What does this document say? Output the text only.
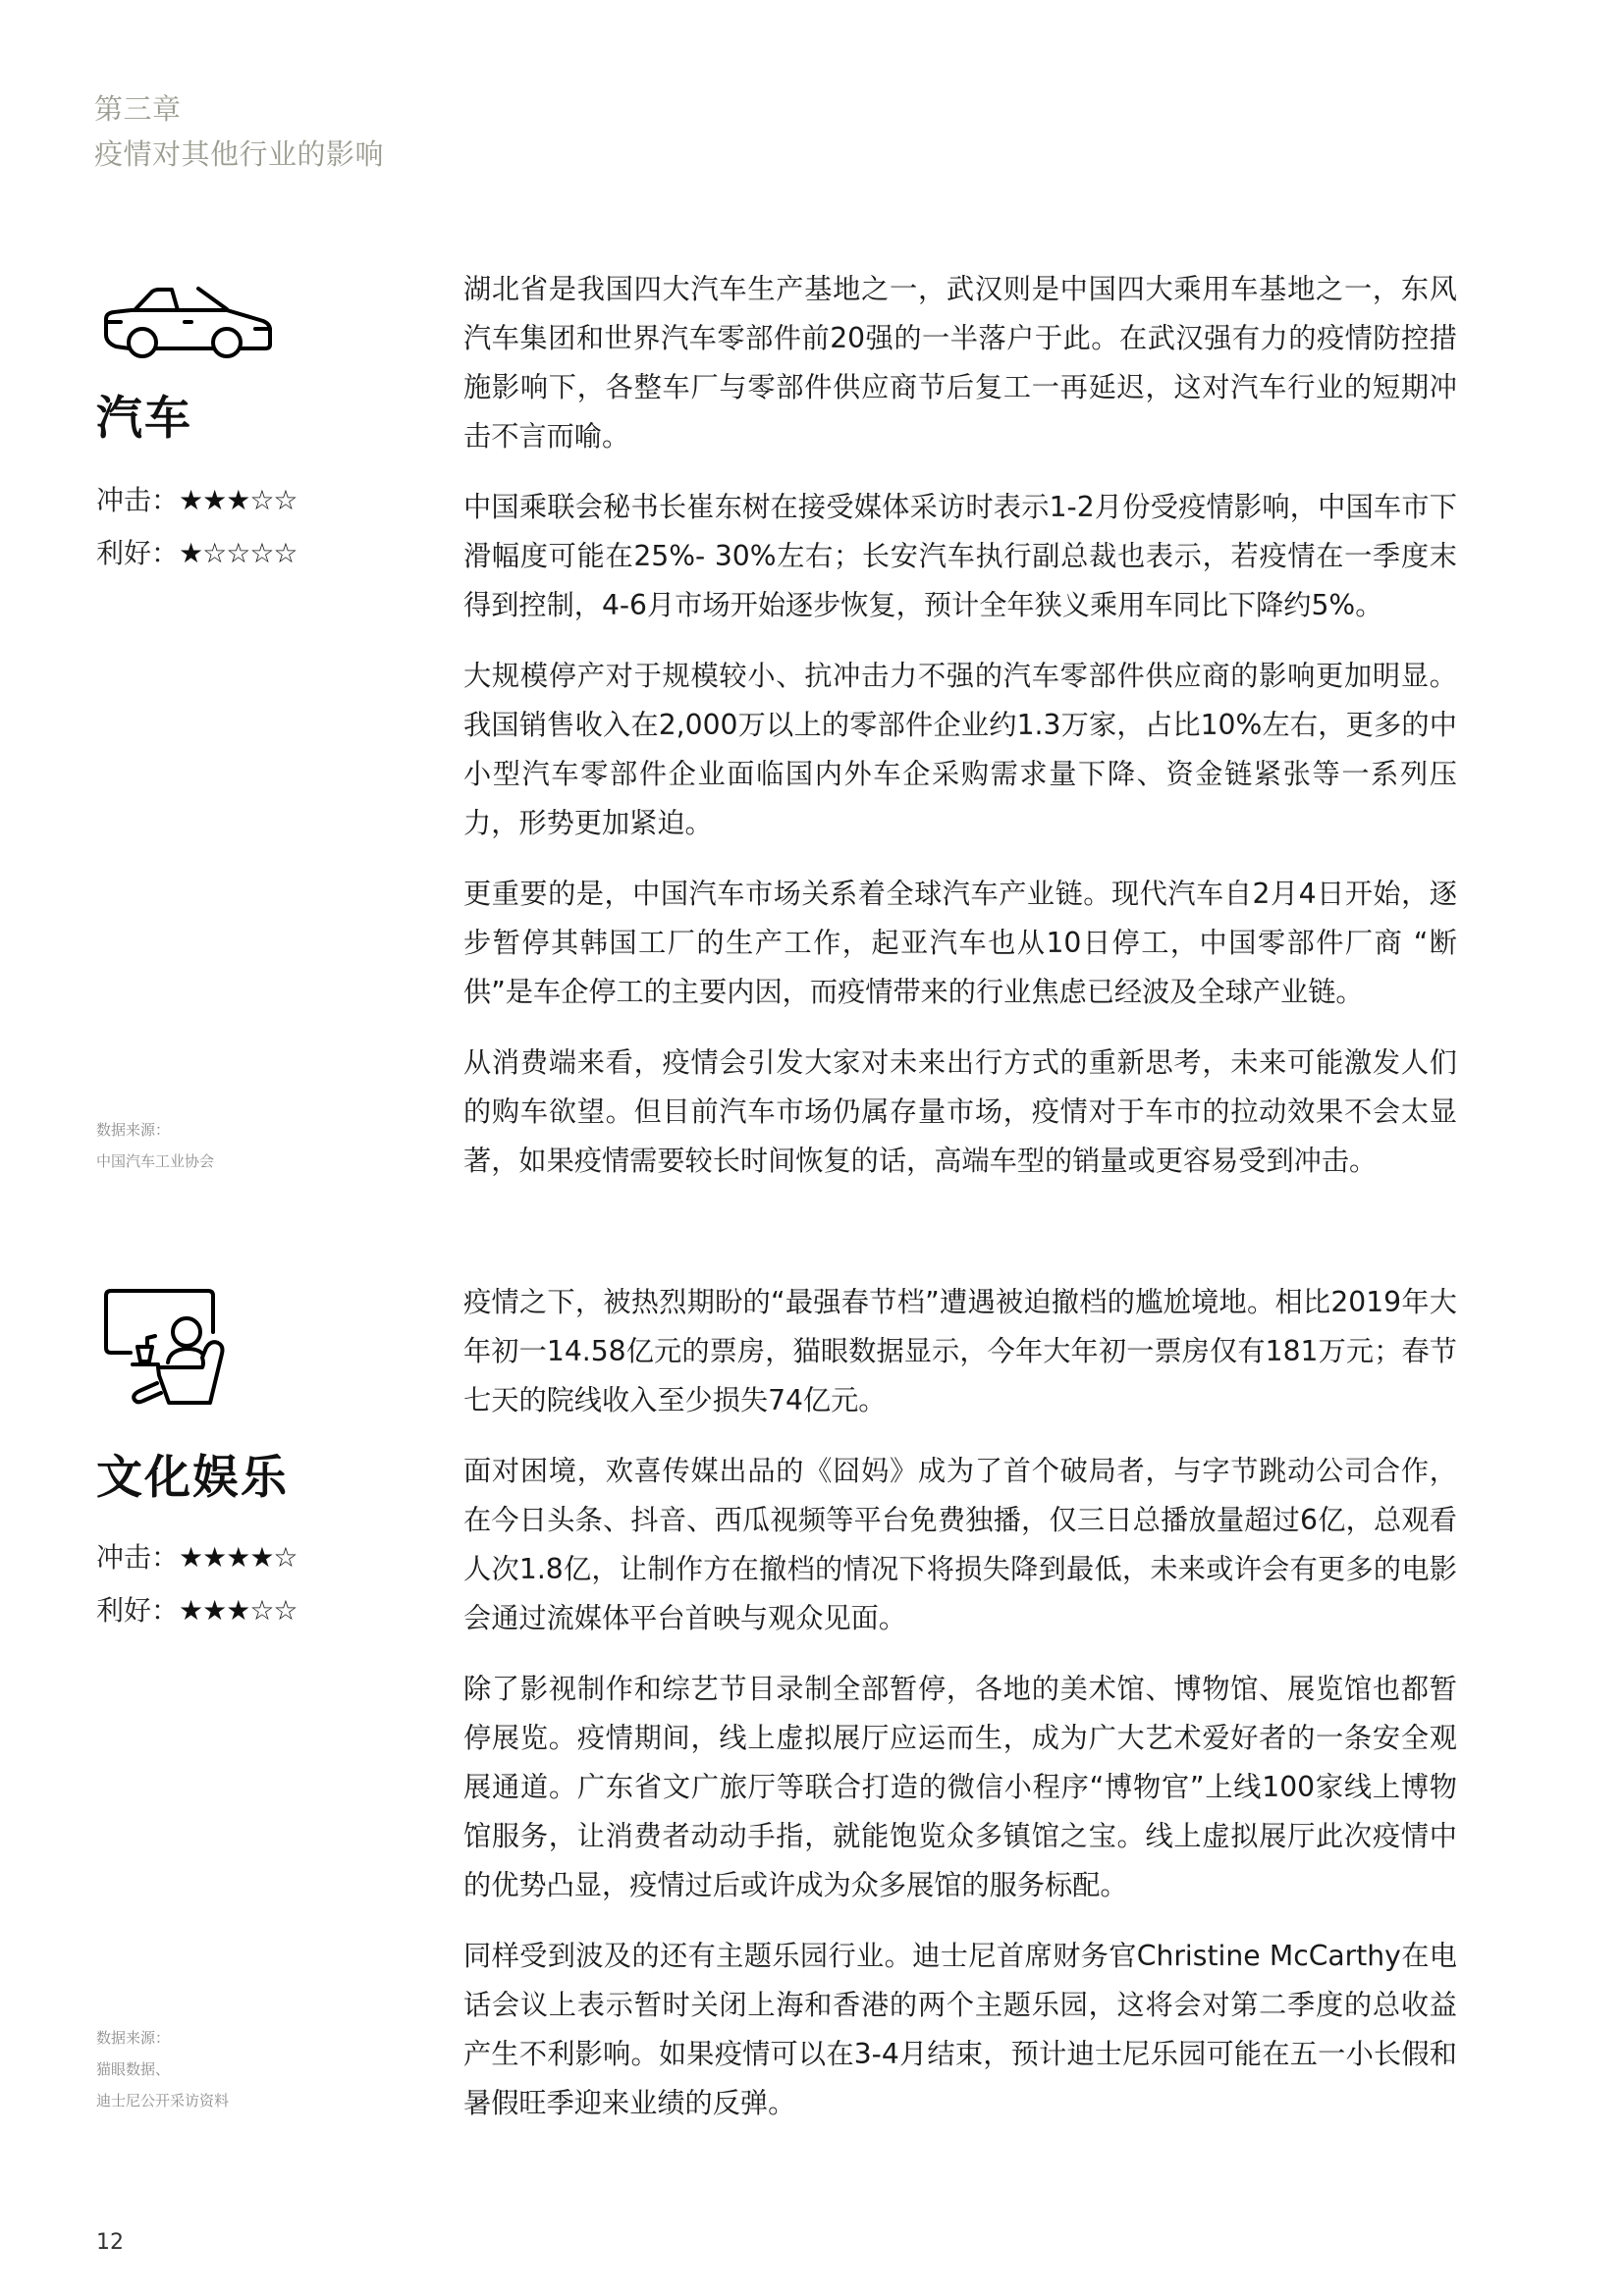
第三章
疫情对其他行业的影响
汽车
冲击：★★★☆☆
利好：★☆☆☆☆
数据来源：
中国汽车工业协会

湖北省是我国四大汽车生产基地之一，武汉则是中国四大乘用车基地之一，东风汽车集团和世界汽车零部件前20强的一半落户于此。在武汉强有力的疫情防控措施影响下，各整车厂与零部件供应商节后复工一再延迟，这对汽车行业的短期冲击不言而喻。

中国乘联会秘书长崔东树在接受媒体采访时表示1-2月份受疫情影响，中国车市下滑幅度可能在25%- 30%左右；长安汽车执行副总裁也表示，若疫情在一季度末得到控制，4-6月市场开始逐步恢复，预计全年狭义乘用车同比下降约5%。

大规模停产对于规模较小、抗冲击力不强的汽车零部件供应商的影响更加明显。我国销售收入在2,000万以上的零部件企业约1.3万家，占比10%左右，更多的中小型汽车零部件企业面临国内外车企采购需求量下降、资金链紧张等一系列压力，形势更加紧迫。

更重要的是，中国汽车市场关系着全球汽车产业链。现代汽车自2月4日开始，逐步暂停其韩国工厂的生产工作，起亚汽车也从10日停工，中国零部件厂商 “断供”是车企停工的主要内因，而疫情带来的行业焦虑已经波及全球产业链。

从消费端来看，疫情会引发大家对未来出行方式的重新思考，未来可能激发人们的购车欲望。但目前汽车市场仍属存量市场，疫情对于车市的拉动效果不会太显著，如果疫情需要较长时间恢复的话，高端车型的销量或更容易受到冲击。

文化娱乐
冲击：★★★★☆
利好：★★★☆☆
数据来源：
猫眼数据、
迪士尼公开采访资料

疫情之下，被热烈期盼的“最强春节档”遭遇被迫撤档的尴尬境地。相比2019年大年初一14.58亿元的票房，猫眼数据显示，今年大年初一票房仅有181万元；春节七天的院线收入至少损失74亿元。

面对困境，欢喜传媒出品的《囧妈》成为了首个破局者，与字节跳动公司合作，在今日头条、抖音、西瓜视频等平台免费独播，仅三日总播放量超过6亿，总观看人次1.8亿，让制作方在撤档的情况下将损失降到最低，未来或许会有更多的电影会通过流媒体平台首映与观众见面。

除了影视制作和综艺节目录制全部暂停，各地的美术馆、博物馆、展览馆也都暂停展览。疫情期间，线上虚拟展厅应运而生，成为广大艺术爱好者的一条安全观展通道。广东省文广旅厅等联合打造的微信小程序“博物官”上线100家线上博物馆服务，让消费者动动手指，就能饱览众多镇馆之宝。线上虚拟展厅此次疫情中的优势凸显，疫情过后或许成为众多展馆的服务标配。

同样受到波及的还有主题乐园行业。迪士尼首席财务官Christine McCarthy在电话会议上表示暂时关闭上海和香港的两个主题乐园，这将会对第二季度的总收益产生不利影响。如果疫情可以在3-4月结束，预计迪士尼乐园可能在五一小长假和暑假旺季迎来业绩的反弹。

12
